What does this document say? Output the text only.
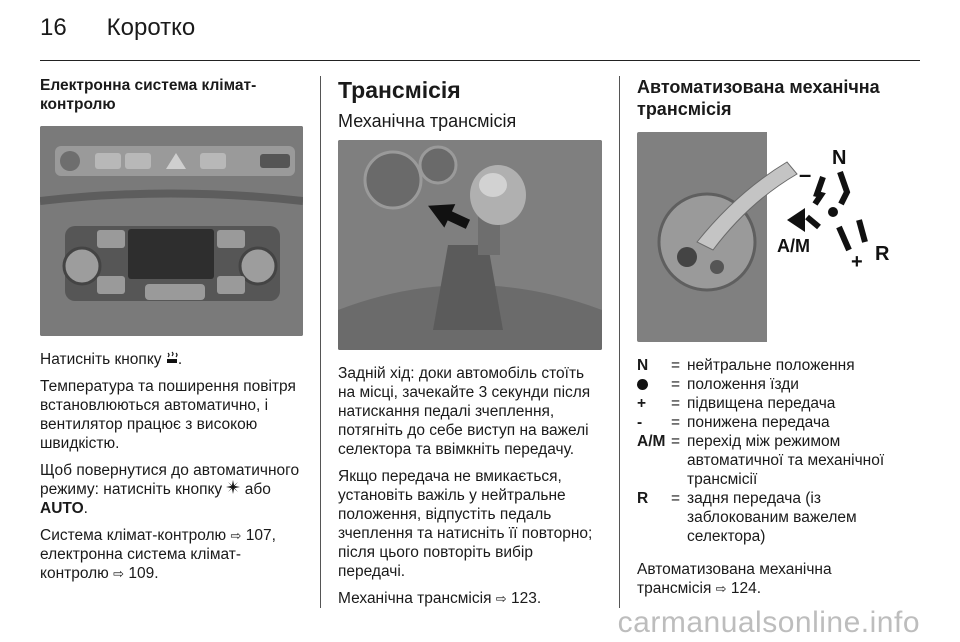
16 Коротко
Електронна система клімат-контролю

Натисніть кнопку .

Температура та поширення повітря встановлюються автоматично, і вентилятор працює з високою швидкістю.

Щоб повернутися до автоматичного режиму: натисніть кнопку  або AUTO.

Система клімат-контролю ⇨ 107, електронна система клімат-контролю ⇨ 109.

Трансмісія
Механічна трансмісія

Задній хід: доки автомобіль стоїть на місці, зачекайте 3 секунди після натискання педалі зчеплення, потягніть до себе виступ на важелі селектора та ввімкніть передачу.

Якщо передача не вмикається, установіть важіль у нейтральне положення, відпустіть педаль зчеплення та натисніть її повторно; після цього повторіть вибір передачі.

Механічна трансмісія ⇨ 123.

Автоматизована механічна трансмісія
N
–
A/M
+ R
N	= нейтральне положення
= положення їзди
+	= підвищена передача
-	= понижена передача
A/M = перехід між режимом автоматичної та механічної трансмісії
R	= задня передача (із заблокованим важелем селектора)

Автоматизована механічна трансмісія ⇨ 124.

carmanualsonline.info
